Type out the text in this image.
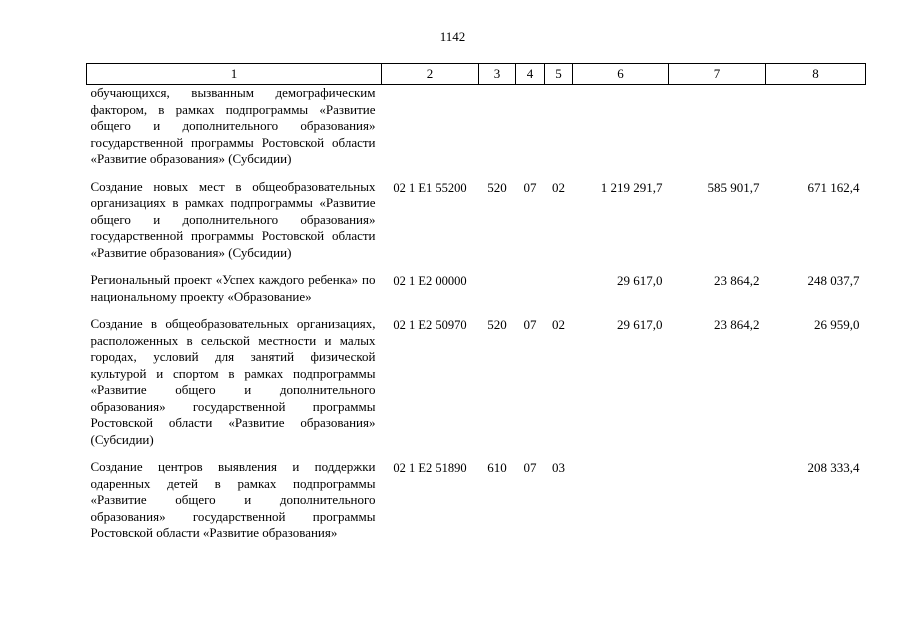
1142
1	2	3	4	5	6	7	8
обучающихся, вызванным демографическим фактором, в рамках подпрограммы «Развитие общего и дополнительного образования» государственной программы Ростовской области «Развитие образования» (Субсидии)							
Создание новых мест в общеобразовательных организациях в рамках подпрограммы «Развитие общего и дополнительного образования» государственной программы Ростовской области «Развитие образования» (Субсидии)	02 1 E1 55200	520	07	02	1 219 291,7	585 901,7	671 162,4
Региональный проект «Успех каждого ребенка» по национальному проекту «Образование»	02 1 E2 00000				29 617,0	23 864,2	248 037,7
Создание в общеобразовательных организациях, расположенных в сельской местности и малых городах, условий для занятий физической культурой и спортом в рамках подпрограммы «Развитие общего и дополнительного образования» государственной программы Ростовской области «Развитие образования» (Субсидии)	02 1 E2 50970	520	07	02	29 617,0	23 864,2	26 959,0
Создание центров выявления и поддержки одаренных детей в рамках подпрограммы «Развитие общего и дополнительного образования» государственной программы Ростовской области «Развитие образования»	02 1 E2 51890	610	07	03			208 333,4
